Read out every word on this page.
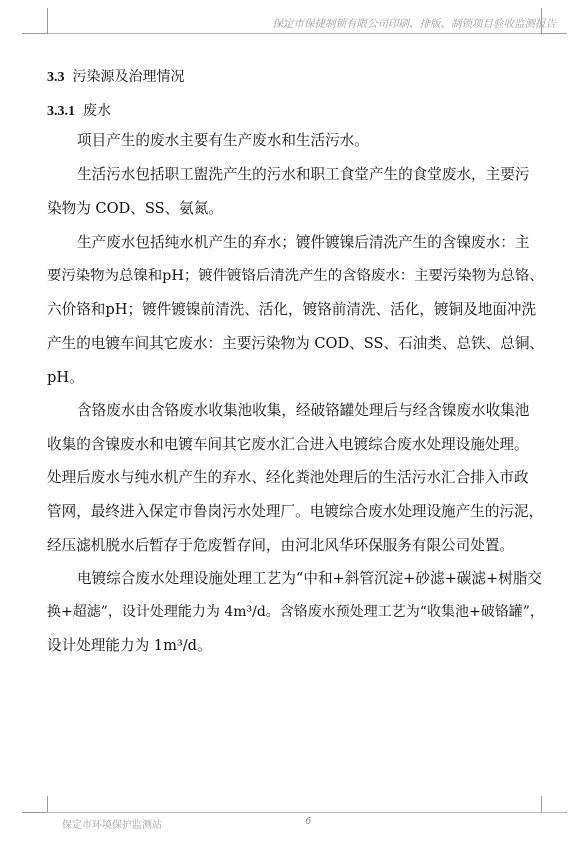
保定市保捷制锁有限公司印刷、排版、制锁项目验收监测报告
3.3 污染源及治理情况
3.3.1 废水
项目产生的废水主要有生产废水和生活污水。
生活污水包括职工盥洗产生的污水和职工食堂产生的食堂废水，主要污
染物为 COD、SS、氨氮。
生产废水包括纯水机产生的弃水；镀件镀镍后清洗产生的含镍废水：主
要污染物为总镍和pH；镀件镀铬后清洗产生的含铬废水：主要污染物为总铬、
六价铬和pH；镀件镀镍前清洗、活化，镀铬前清洗、活化，镀铜及地面冲洗
产生的电镀车间其它废水：主要污染物为 COD、SS、石油类、总铁、总铜、
pH。
含铬废水由含铬废水收集池收集，经破铬罐处理后与经含镍废水收集池
收集的含镍废水和电镀车间其它废水汇合进入电镀综合废水处理设施处理。
处理后废水与纯水机产生的弃水、经化粪池处理后的生活污水汇合排入市政
管网，最终进入保定市鲁岗污水处理厂。电镀综合废水处理设施产生的污泥，
经压滤机脱水后暂存于危废暂存间，由河北风华环保服务有限公司处置。
电镀综合废水处理设施处理工艺为“中和+斜管沉淀+砂滤+碳滤+树脂交
换+超滤”，设计处理能力为 4m³/d。含铬废水预处理工艺为“收集池+破铬罐”，
设计处理能力为 1m³/d。
保定市环境保护监测站	6
